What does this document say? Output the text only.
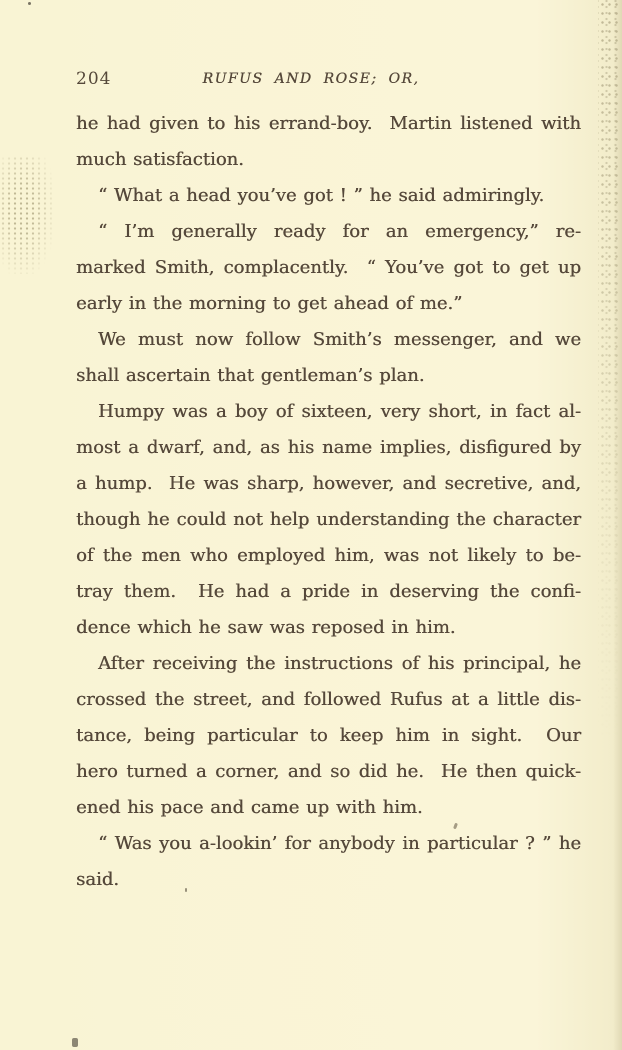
204	RUFUS AND ROSE; OR,
he had given to his errand-boy.  Martin listened with
much satisfaction.
“ What a head you’ve got ! ” he said admiringly.
“ I’m generally ready for an emergency,” re-
marked Smith, complacently.  “ You’ve got to get up
early in the morning to get ahead of me.”
We must now follow Smith’s messenger, and we
shall ascertain that gentleman’s plan.
Humpy was a boy of sixteen, very short, in fact al-
most a dwarf, and, as his name implies, disfigured by
a hump.  He was sharp, however, and secretive, and,
though he could not help understanding the character
of the men who employed him, was not likely to be-
tray them.  He had a pride in deserving the confi-
dence which he saw was reposed in him.
After receiving the instructions of his principal, he
crossed the street, and followed Rufus at a little dis-
tance, being particular to keep him in sight.  Our
hero turned a corner, and so did he.  He then quick-
ened his pace and came up with him.
“ Was you a-lookin’ for anybody in particular ? ” he
said.
